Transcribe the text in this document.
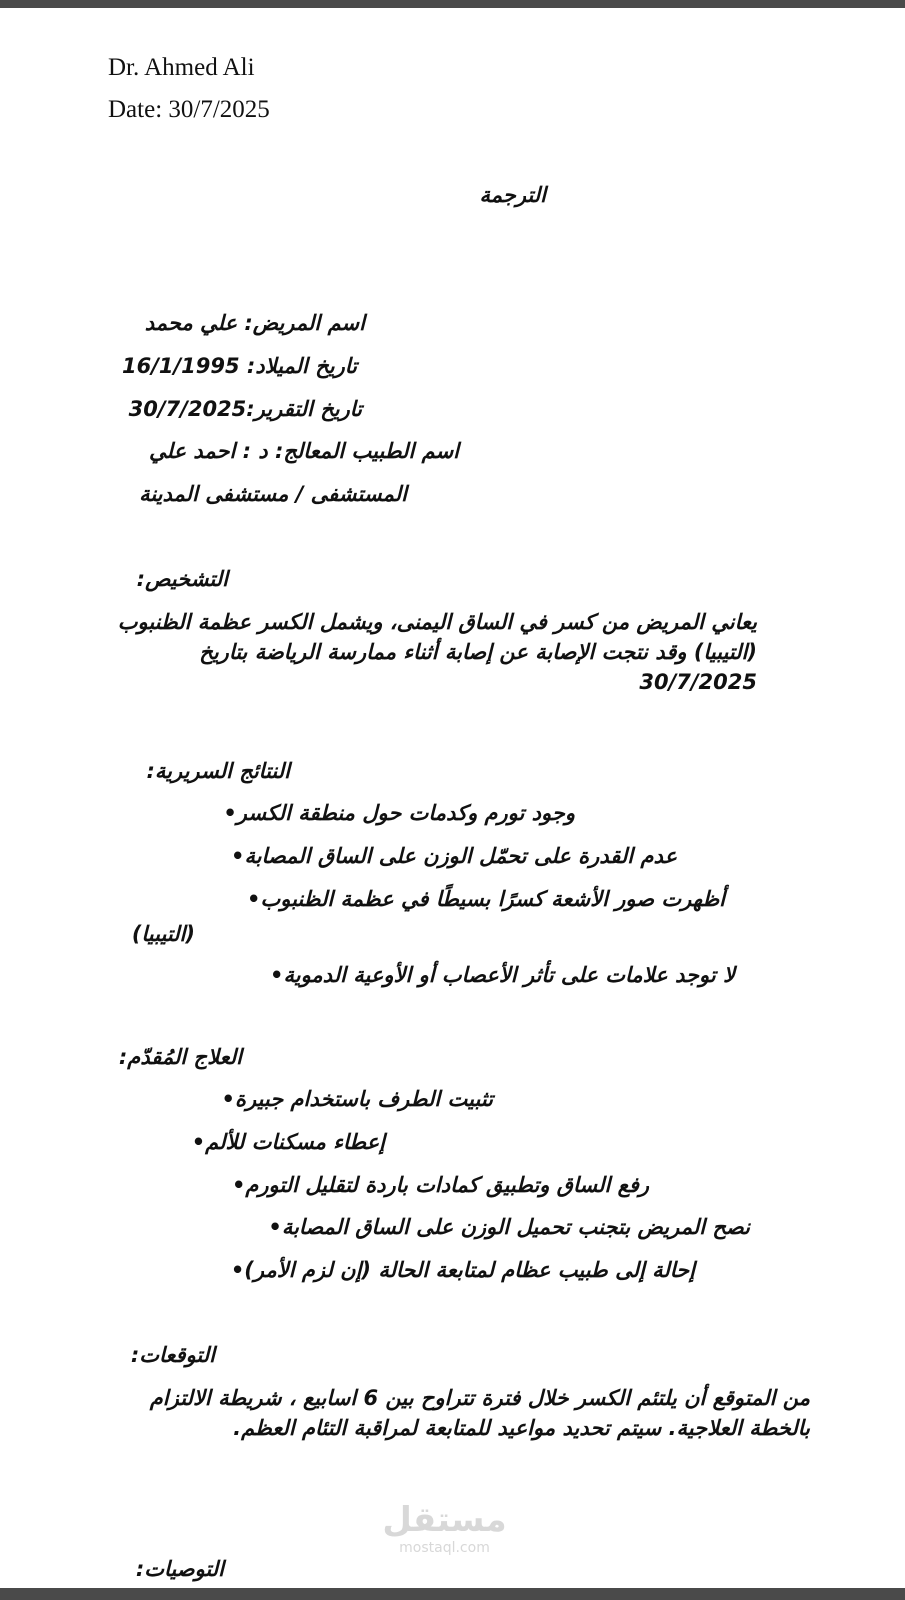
Dr. Ahmed Ali
Date: 30/7/2025
الترجمة
اسم المريض: علي محمد
تاريخ الميلاد: 16/1/1995
تاريخ التقرير:30/7/2025
اسم الطبيب المعالج: د : احمد علي
المستشفى / مستشفى المدينة
التشخيص:
يعاني المريض من كسر في الساق اليمنى، ويشمل الكسر عظمة الظنبوب (التيبيا) وقد نتجت الإصابة عن إصابة أثناء ممارسة الرياضة بتاريخ 30/7/2025
النتائج السريرية:
وجود تورم وكدمات حول منطقة الكسر•
عدم القدرة على تحمّل الوزن على الساق المصابة•
أظهرت صور الأشعة كسرًا بسيطًا في عظمة الظنبوب•
(التيبيا)
لا توجد علامات على تأثر الأعصاب أو الأوعية الدموية•
العلاج المُقدّم:
تثبيت الطرف باستخدام جبيرة•
إعطاء مسكنات للألم•
رفع الساق وتطبيق كمادات باردة لتقليل التورم•
نصح المريض بتجنب تحميل الوزن على الساق المصابة•
إحالة إلى طبيب عظام لمتابعة الحالة (إن لزم الأمر)•
التوقعات:
من المتوقع أن يلتئم الكسر خلال فترة تتراوح بين 6 اسابيع ، شريطة الالتزام بالخطة العلاجية. سيتم تحديد مواعيد للمتابعة لمراقبة التئام العظم.
مستقل
mostaql.com
التوصيات:
